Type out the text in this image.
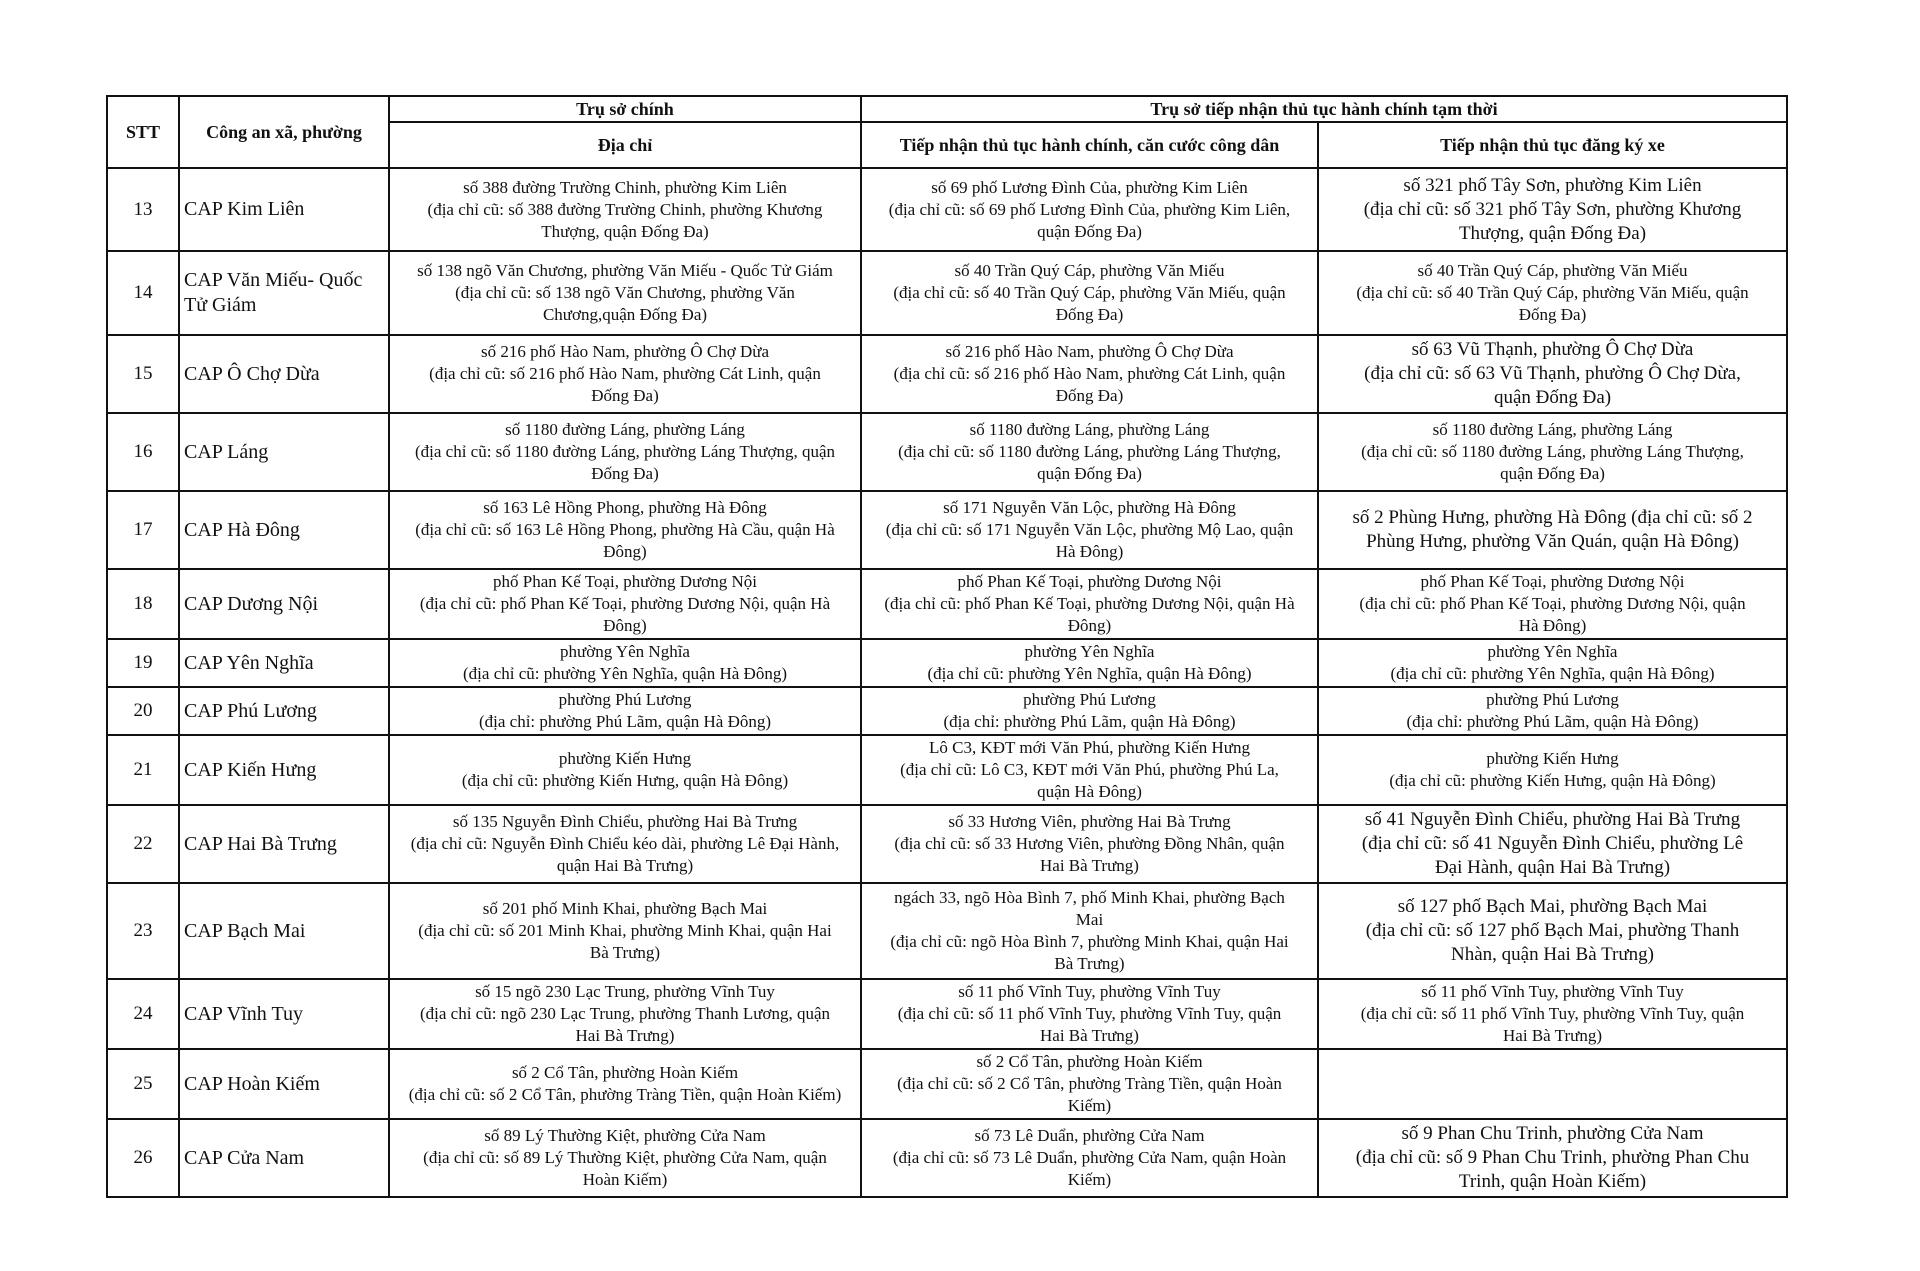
STT	Công an xã, phường	Trụ sở chính	Trụ sở tiếp nhận thủ tục hành chính tạm thời	
		Địa chỉ	Tiếp nhận thủ tục hành chính, căn cước công dân	Tiếp nhận thủ tục đăng ký xe
13	CAP Kim Liên	số 388 đường Trường Chinh, phường Kim Liên
(địa chỉ cũ: số 388 đường Trường Chinh, phường Khương
Thượng, quận Đống Đa)	số 69 phố Lương Đình Của, phường Kim Liên
(địa chỉ cũ: số 69 phố Lương Đình Của, phường Kim Liên,
quận Đống Đa)	số 321 phố Tây Sơn, phường Kim Liên
(địa chỉ cũ: số 321 phố Tây Sơn, phường Khương
Thượng, quận Đống Đa)

14	CAP Văn Miếu- Quốc Tử Giám	số 138 ngõ Văn Chương, phường Văn Miếu - Quốc Tử Giám
(địa chỉ cũ: số 138 ngõ Văn Chương, phường Văn
Chương,quận Đống Đa)	số 40 Trần Quý Cáp, phường Văn Miếu
(địa chỉ cũ: số 40 Trần Quý Cáp, phường Văn Miếu, quận
Đống Đa)	số 40 Trần Quý Cáp, phường Văn Miếu
(địa chỉ cũ: số 40 Trần Quý Cáp, phường Văn Miếu, quận
Đống Đa)

15	CAP Ô Chợ Dừa	số 216 phố Hào Nam, phường Ô Chợ Dừa
(địa chỉ cũ: số 216 phố Hào Nam, phường Cát Linh, quận
Đống Đa)	số 216 phố Hào Nam, phường Ô Chợ Dừa
(địa chỉ cũ: số 216 phố Hào Nam, phường Cát Linh, quận
Đống Đa)	số 63 Vũ Thạnh, phường Ô Chợ Dừa
(địa chỉ cũ: số 63 Vũ Thạnh, phường Ô Chợ Dừa,
quận Đống Đa)

16	CAP Láng	số 1180 đường Láng, phường Láng
(địa chỉ cũ: số 1180 đường Láng, phường Láng Thượng, quận
Đống Đa)	số 1180 đường Láng, phường Láng
(địa chỉ cũ: số 1180 đường Láng, phường Láng Thượng,
quận Đống Đa)	số 1180 đường Láng, phường Láng
(địa chỉ cũ: số 1180 đường Láng, phường Láng Thượng,
quận Đống Đa)

17	CAP Hà Đông	số 163 Lê Hồng Phong, phường Hà Đông
(địa chỉ cũ: số 163 Lê Hồng Phong, phường Hà Cầu, quận Hà
Đông)	số 171 Nguyễn Văn Lộc, phường Hà Đông
(địa chỉ cũ: số 171 Nguyễn Văn Lộc, phường Mộ Lao, quận
Hà Đông)	số 2 Phùng Hưng, phường Hà Đông (địa chỉ cũ: số 2
Phùng Hưng, phường Văn Quán, quận Hà Đông)

18	CAP Dương Nội	phố Phan Kế Toại, phường Dương Nội
(địa chỉ cũ: phố Phan Kế Toại, phường Dương Nội, quận Hà
Đông)	phố Phan Kế Toại, phường Dương Nội
(địa chỉ cũ: phố Phan Kế Toại, phường Dương Nội, quận Hà
Đông)	phố Phan Kế Toại, phường Dương Nội
(địa chỉ cũ: phố Phan Kế Toại, phường Dương Nội, quận
Hà Đông)

19	CAP Yên Nghĩa	phường Yên Nghĩa
(địa chỉ cũ: phường Yên Nghĩa, quận Hà Đông)	phường Yên Nghĩa
(địa chỉ cũ: phường Yên Nghĩa, quận Hà Đông)	phường Yên Nghĩa
(địa chỉ cũ: phường Yên Nghĩa, quận Hà Đông)

20	CAP Phú Lương	phường Phú Lương
(địa chỉ: phường Phú Lãm, quận Hà Đông)	phường Phú Lương
(địa chỉ: phường Phú Lãm, quận Hà Đông)	phường Phú Lương
(địa chỉ: phường Phú Lãm, quận Hà Đông)

21	CAP Kiến Hưng	phường Kiến Hưng
(địa chỉ cũ: phường Kiến Hưng, quận Hà Đông)	Lô C3, KĐT mới Văn Phú, phường Kiến Hưng
(địa chỉ cũ: Lô C3, KĐT mới Văn Phú, phường Phú La,
quận Hà Đông)	phường Kiến Hưng
(địa chỉ cũ: phường Kiến Hưng, quận Hà Đông)

22	CAP Hai Bà Trưng	số 135 Nguyễn Đình Chiểu, phường Hai Bà Trưng
(địa chỉ cũ: Nguyễn Đình Chiểu kéo dài, phường Lê Đại Hành,
quận Hai Bà Trưng)	số 33 Hương Viên, phường Hai Bà Trưng
(địa chỉ cũ: số 33 Hương Viên, phường Đồng Nhân, quận
Hai Bà Trưng)	số 41 Nguyễn Đình Chiểu, phường Hai Bà Trưng
(địa chỉ cũ: số 41 Nguyễn Đình Chiểu, phường Lê
Đại Hành, quận Hai Bà Trưng)

23	CAP Bạch Mai	số 201 phố Minh Khai, phường Bạch Mai
(địa chỉ cũ: số 201 Minh Khai, phường Minh Khai, quận Hai
Bà Trưng)	ngách 33, ngõ Hòa Bình 7, phố Minh Khai, phường Bạch
Mai
(địa chỉ cũ: ngõ Hòa Bình 7, phường Minh Khai, quận Hai
Bà Trưng)	số 127 phố Bạch Mai, phường Bạch Mai
(địa chỉ cũ: số 127 phố Bạch Mai, phường Thanh
Nhàn, quận Hai Bà Trưng)

24	CAP Vĩnh Tuy	số 15 ngõ 230 Lạc Trung, phường Vĩnh Tuy
(địa chỉ cũ: ngõ 230 Lạc Trung, phường Thanh Lương, quận
Hai Bà Trưng)	số 11 phố Vĩnh Tuy, phường Vĩnh Tuy
(địa chỉ cũ: số 11 phố Vĩnh Tuy, phường Vĩnh Tuy, quận
Hai Bà Trưng)	số 11 phố Vĩnh Tuy, phường Vĩnh Tuy
(địa chỉ cũ: số 11 phố Vĩnh Tuy, phường Vĩnh Tuy, quận
Hai Bà Trưng)

25	CAP Hoàn Kiếm	số 2 Cổ Tân, phường Hoàn Kiếm
(địa chỉ cũ: số 2 Cổ Tân, phường Tràng Tiền, quận Hoàn Kiếm)	số 2 Cổ Tân, phường Hoàn Kiếm
(địa chỉ cũ: số 2 Cổ Tân, phường Tràng Tiền, quận Hoàn
Kiếm)	

26	CAP Cửa Nam	số 89 Lý Thường Kiệt, phường Cửa Nam
(địa chỉ cũ: số 89 Lý Thường Kiệt, phường Cửa Nam, quận
Hoàn Kiếm)	số 73 Lê Duẩn, phường Cửa Nam
(địa chỉ cũ: số 73 Lê Duẩn, phường Cửa Nam, quận Hoàn
Kiếm)	số 9 Phan Chu Trinh, phường Cửa Nam
(địa chỉ cũ: số 9 Phan Chu Trinh, phường Phan Chu
Trinh, quận Hoàn Kiếm)
